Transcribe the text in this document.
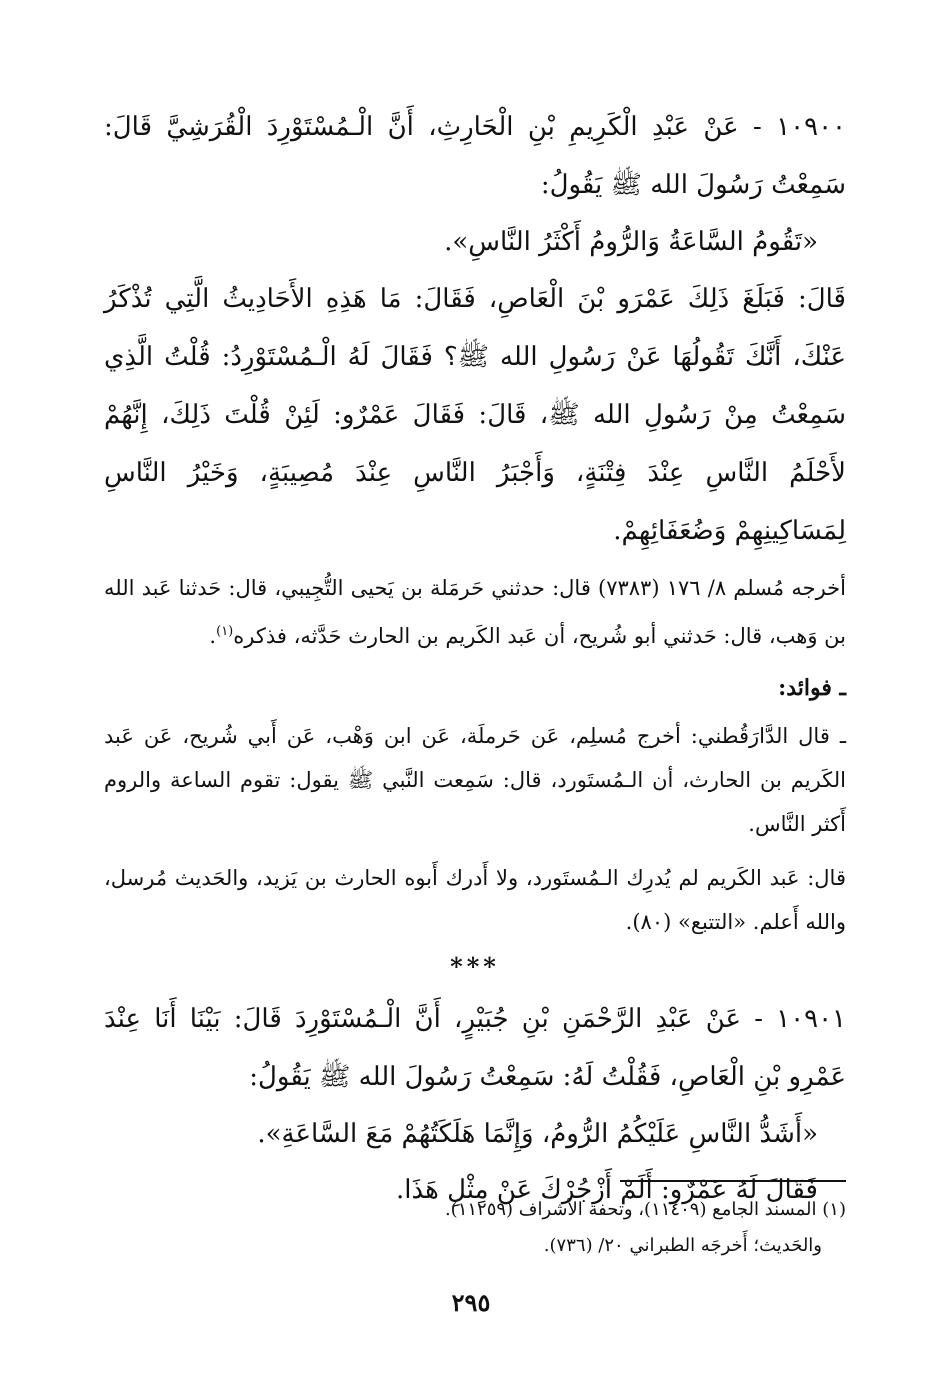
١٠٩٠٠ - عَنْ عَبْدِ الْكَرِيمِ بْنِ الْحَارِثِ، أَنَّ الْـمُسْتَوْرِدَ الْقُرَشِيَّ قَالَ: سَمِعْتُ رَسُولَ الله ﷺ يَقُولُ:

«تَقُومُ السَّاعَةُ وَالرُّومُ أَكْثَرُ النَّاسِ».

قَالَ: فَبَلَغَ ذَلِكَ عَمْرَو بْنَ الْعَاصِ، فَقَالَ: مَا هَذِهِ الأَحَادِيثُ الَّتِي تُذْكَرُ عَنْكَ، أَنَّكَ تَقُولُهَا عَنْ رَسُولِ الله ﷺ؟ فَقَالَ لَهُ الْـمُسْتَوْرِدُ: قُلْتُ الَّذِي سَمِعْتُ مِنْ رَسُولِ الله ﷺ، قَالَ: فَقَالَ عَمْرٌو: لَئِنْ قُلْتَ ذَلِكَ، إِنَّهُمْ لأَحْلَمُ النَّاسِ عِنْدَ فِتْنَةٍ، وَأَجْبَرُ النَّاسِ عِنْدَ مُصِيبَةٍ، وَخَيْرُ النَّاسِ لِمَسَاكِينِهِمْ وَضُعَفَائِهِمْ.

أخرجه مُسلم ٨/ ١٧٦ (٧٣٨٣) قال: حدثني حَرمَلة بن يَحيى التُّجِيبي، قال: حَدثنا عَبد الله بن وَهب، قال: حَدثني أبو شُريح، أن عَبد الكَريم بن الحارث حَدَّثه، فذكره$^{(١)}$.

ـ فوائد:

ـ قال الدَّارَقُطني: أخرج مُسلِم، عَن حَرملَة، عَن ابن وَهْب، عَن أَبي شُريح، عَن عَبد الكَريم بن الحارث، أن الـمُستَورد، قال: سَمِعت النَّبي ﷺ يقول: تقوم الساعة والروم أَكثر النَّاس.

قال: عَبد الكَريم لم يُدرِك الـمُستَورد، ولا أَدرك أَبوه الحارث بن يَزيد، والحَديث مُرسل، والله أَعلم. «التتبع» (٨٠).

***

١٠٩٠١ - عَنْ عَبْدِ الرَّحْمَنِ بْنِ جُبَيْرٍ، أَنَّ الْـمُسْتَوْرِدَ قَالَ: بَيْنَا أَنَا عِنْدَ عَمْرِو بْنِ الْعَاصِ، فَقُلْتُ لَهُ: سَمِعْتُ رَسُولَ الله ﷺ يَقُولُ:

«أَشَدُّ النَّاسِ عَلَيْكُمُ الرُّومُ، وَإِنَّمَا هَلَكَتُهُمْ مَعَ السَّاعَةِ».

فَقَالَ لَهُ عَمْرٌو: أَلَمْ أَزْجُرْكَ عَنْ مِثْلِ هَذَا.

(١) المسند الجامع (١١٤٠٩)، وتحفة الأشراف (١١٢٥٩).

والحَديث؛ أَخرجَه الطبراني ٢٠/ (٧٣٦).

٢٩٥
